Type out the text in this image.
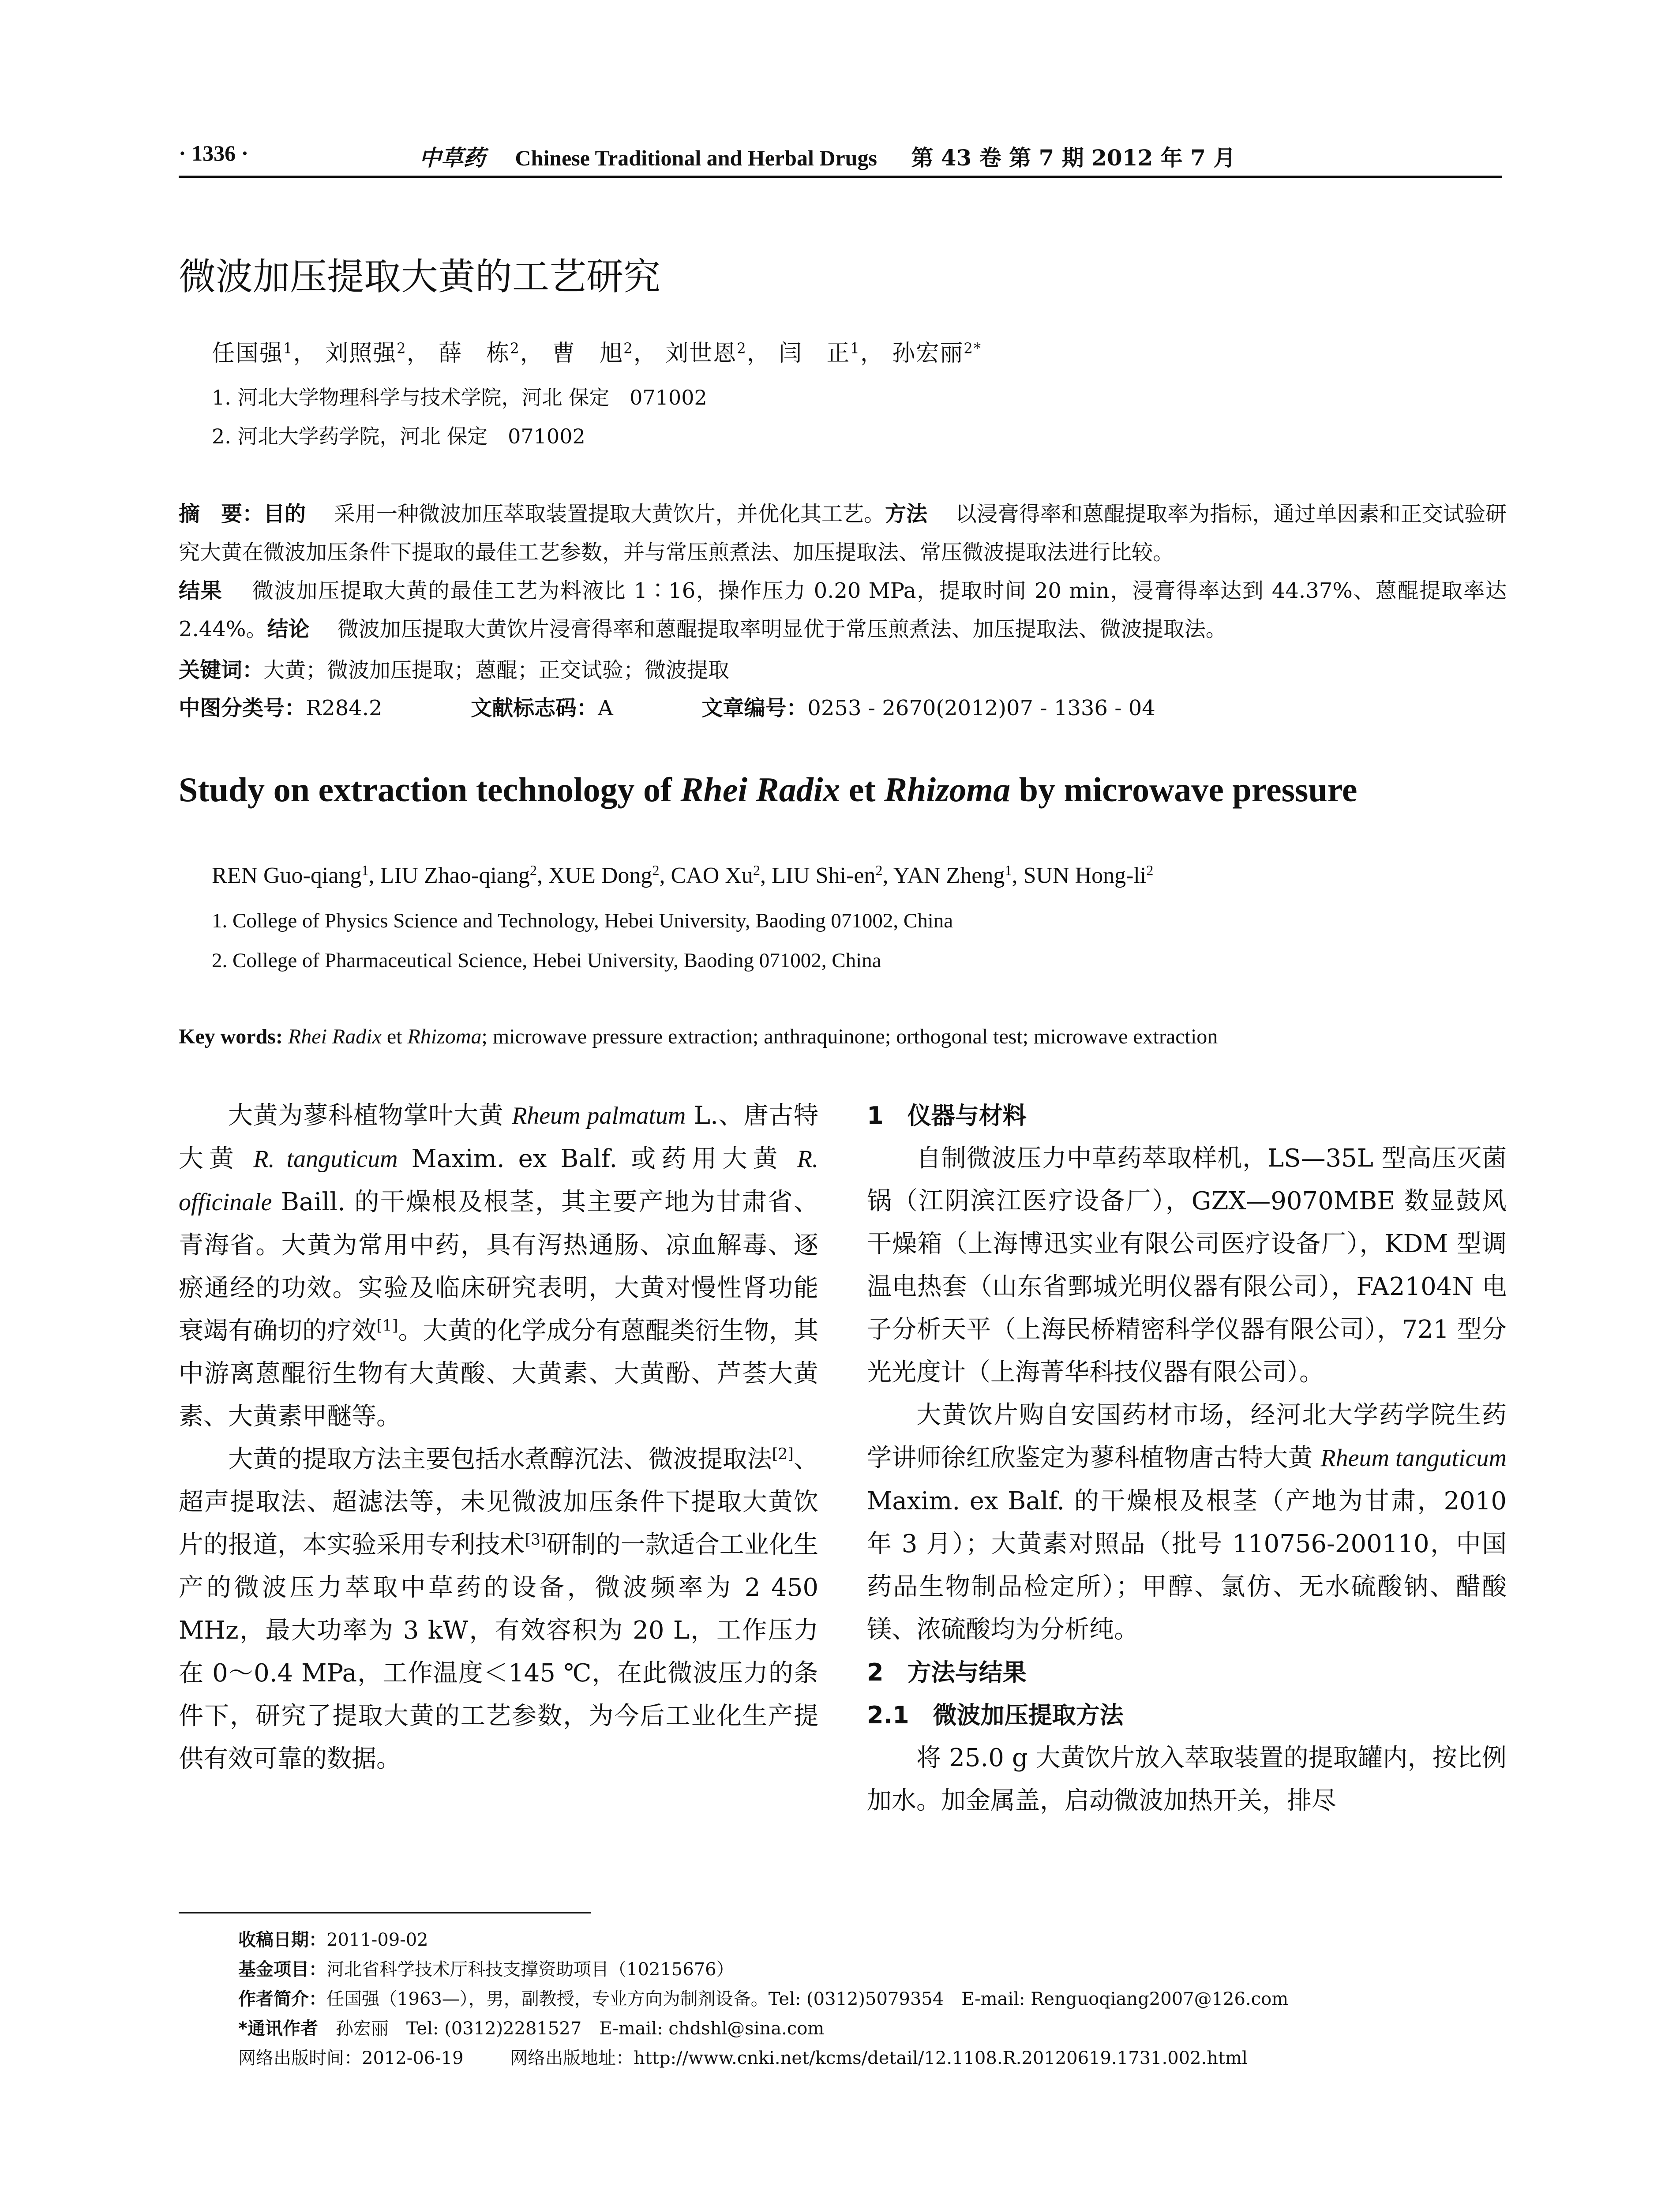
· 1336 ·	中草药 Chinese Traditional and Herbal Drugs 第 43 卷 第 7 期 2012 年 7 月
微波加压提取大黄的工艺研究
任国强$^1$， 刘照强$^2$， 薛　栋$^2$， 曹　旭$^2$， 刘世恩$^2$， 闫　正$^1$， 孙宏丽$^{2*}$
1. 河北大学物理科学与技术学院，河北 保定　071002
2. 河北大学药学院，河北 保定　071002
摘　要：目的　 采用一种微波加压萃取装置提取大黄饮片，并优化其工艺。方法　 以浸膏得率和蒽醌提取率为指标，通过单因素和正交试验研究大黄在微波加压条件下提取的最佳工艺参数，并与常压煎煮法、加压提取法、常压微波提取法进行比较。
结果　 微波加压提取大黄的最佳工艺为料液比 1∶16，操作压力 0.20 MPa，提取时间 20 min，浸膏得率达到 44.37%、蒽醌提取率达 2.44%。结论　 微波加压提取大黄饮片浸膏得率和蒽醌提取率明显优于常压煎煮法、加压提取法、微波提取法。
关键词：大黄；微波加压提取；蒽醌；正交试验；微波提取
中图分类号：R284.2	文献标志码：A	文章编号：0253 - 2670(2012)07 - 1336 - 04
Study on extraction technology of Rhei Radix et Rhizoma by microwave pressure
REN Guo-qiang$^1$, LIU Zhao-qiang$^2$, XUE Dong$^2$, CAO Xu$^2$, LIU Shi-$en^2$, YAN Zheng$^1$, SUN Hong-$li^2$
1. College of Physics Science and Technology, Hebei University, Baoding 071002, China
2. College of Pharmaceutical Science, Hebei University, Baoding 071002, China
Key words: Rhei Radix et Rhizoma; microwave pressure extraction; anthraquinone; orthogonal test; microwave extraction

大黄为蓼科植物掌叶大黄 Rheum palmatum L.、唐古特大黄 R. tanguticum Maxim. ex Balf. 或药用大黄 R. officinale Baill. 的干燥根及根茎，其主要产地为甘肃省、青海省。大黄为常用中药，具有泻热通肠、凉血解毒、逐瘀通经的功效。实验及临床研究表明，大黄对慢性肾功能衰竭有确切的疗效[1]。大黄的化学成分有蒽醌类衍生物，其中游离蒽醌衍生物有大黄酸、大黄素、大黄酚、芦荟大黄素、大黄素甲醚等。

大黄的提取方法主要包括水煮醇沉法、微波提取法[2]、超声提取法、超滤法等，未见微波加压条件下提取大黄饮片的报道，本实验采用专利技术[3]研制的一款适合工业化生产的微波压力萃取中草药的设备，微波频率为 2 450 MHz，最大功率为 3 kW，有效容积为 20 L，工作压力在 0～0.4 MPa，工作温度＜145 ℃，在此微波压力的条件下，研究了提取大黄的工艺参数，为今后工业化生产提供有效可靠的数据。

1　仪器与材料

自制微波压力中草药萃取样机，LS—35L 型高压灭菌锅（江阴滨江医疗设备厂），GZX—9070MBE 数显鼓风干燥箱（上海博迅实业有限公司医疗设备厂），KDM 型调温电热套（山东省鄄城光明仪器有限公司），FA2104N 电子分析天平（上海民桥精密科学仪器有限公司），721 型分光光度计（上海菁华科技仪器有限公司）。

大黄饮片购自安国药材市场，经河北大学药学院生药学讲师徐红欣鉴定为蓼科植物唐古特大黄 Rheum tanguticum Maxim. ex Balf. 的干燥根及根茎（产地为甘肃，2010 年 3 月）；大黄素对照品（批号 110756-200110，中国药品生物制品检定所）；甲醇、氯仿、无水硫酸钠、醋酸镁、浓硫酸均为分析纯。

2　方法与结果
2.1　微波加压提取方法

将 25.0 g 大黄饮片放入萃取装置的提取罐内，按比例加水。加金属盖，启动微波加热开关，排尽

收稿日期：2011-09-02
基金项目：河北省科学技术厅科技支撑资助项目（10215676）
作者简介：任国强（1963—），男，副教授，专业方向为制剂设备。Tel: (0312)5079354　E-mail: Renguoqiang2007@126.com
*通讯作者　 孙宏丽　Tel: (0312)2281527　E-mail: chdshl@sina.com
网络出版时间：2012-06-19	网络出版地址：http://www.cnki.net/kcms/detail/12.1108.R.20120619.1731.002.html
